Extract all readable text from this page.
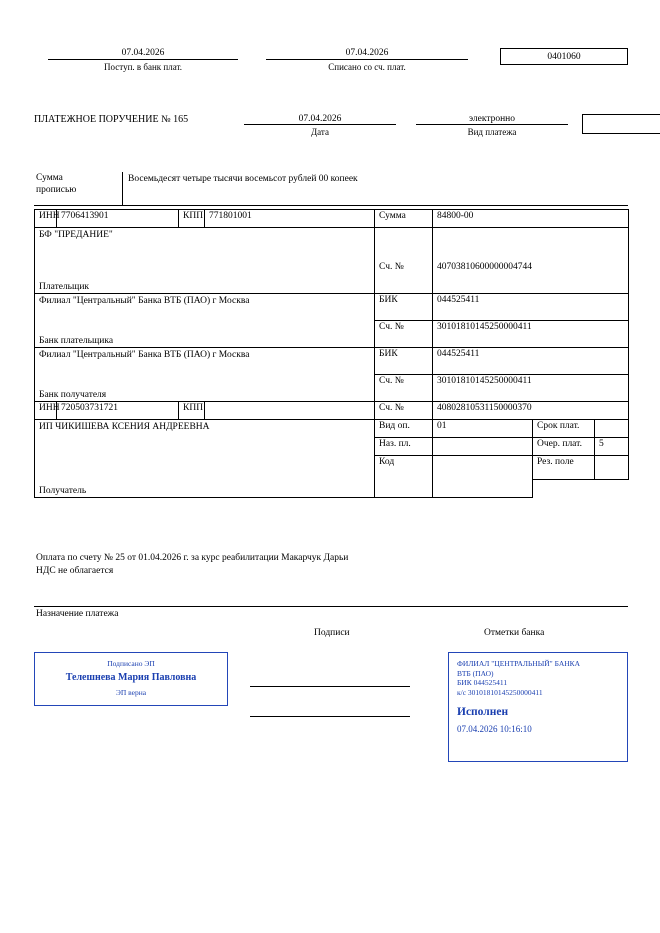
07.04.2026
Поступ. в банк плат.
07.04.2026
Списано со сч. плат.
0401060
ПЛАТЕЖНОЕ ПОРУЧЕНИЕ № 165	07.04.2026
Дата
электронно
Вид платежа
Сумма
прописью
Восемьдесят четыре тысячи восемьсот рублей 00 копеек
ИНН	7706413901	КПП	771801001	Сумма	84800-00		

БФ "ПРЕДАНИЕ"
Плательщик							

				Сч. №	40703810600000004744		

Филиал "Центральный" Банка ВТБ (ПАО) г Москва
Банк плательщика				БИК	044525411		
				Сч. №	30101810145250000411		

Филиал "Центральный" Банка ВТБ (ПАО) г Москва
Банк получателя				БИК	044525411		
				Сч. №	30101810145250000411		
ИНН	720503731721	КПП		Сч. №	40802810531150000370		

ИП ЧИКИШЕВА КСЕНИЯ АНДРЕЕВНА
Получатель				Вид оп.	01	Срок плат.	
				Наз. пл.		Очер. плат.	5
				Код		Рез. поле	

Оплата по счету № 25 от 01.04.2026 г. за курс реабилитации Макарчук Дарьи
НДС не облагается
Назначение платежа
Подписи	Отметки банка
Подписано ЭП
Телешнева Мария Павловна
ЭП верна
ФИЛИАЛ "ЦЕНТРАЛЬНЫЙ" БАНКА
ВТБ (ПАО)
БИК 044525411
к/с 30101810145250000411
Исполнен
07.04.2026 10:16:10
